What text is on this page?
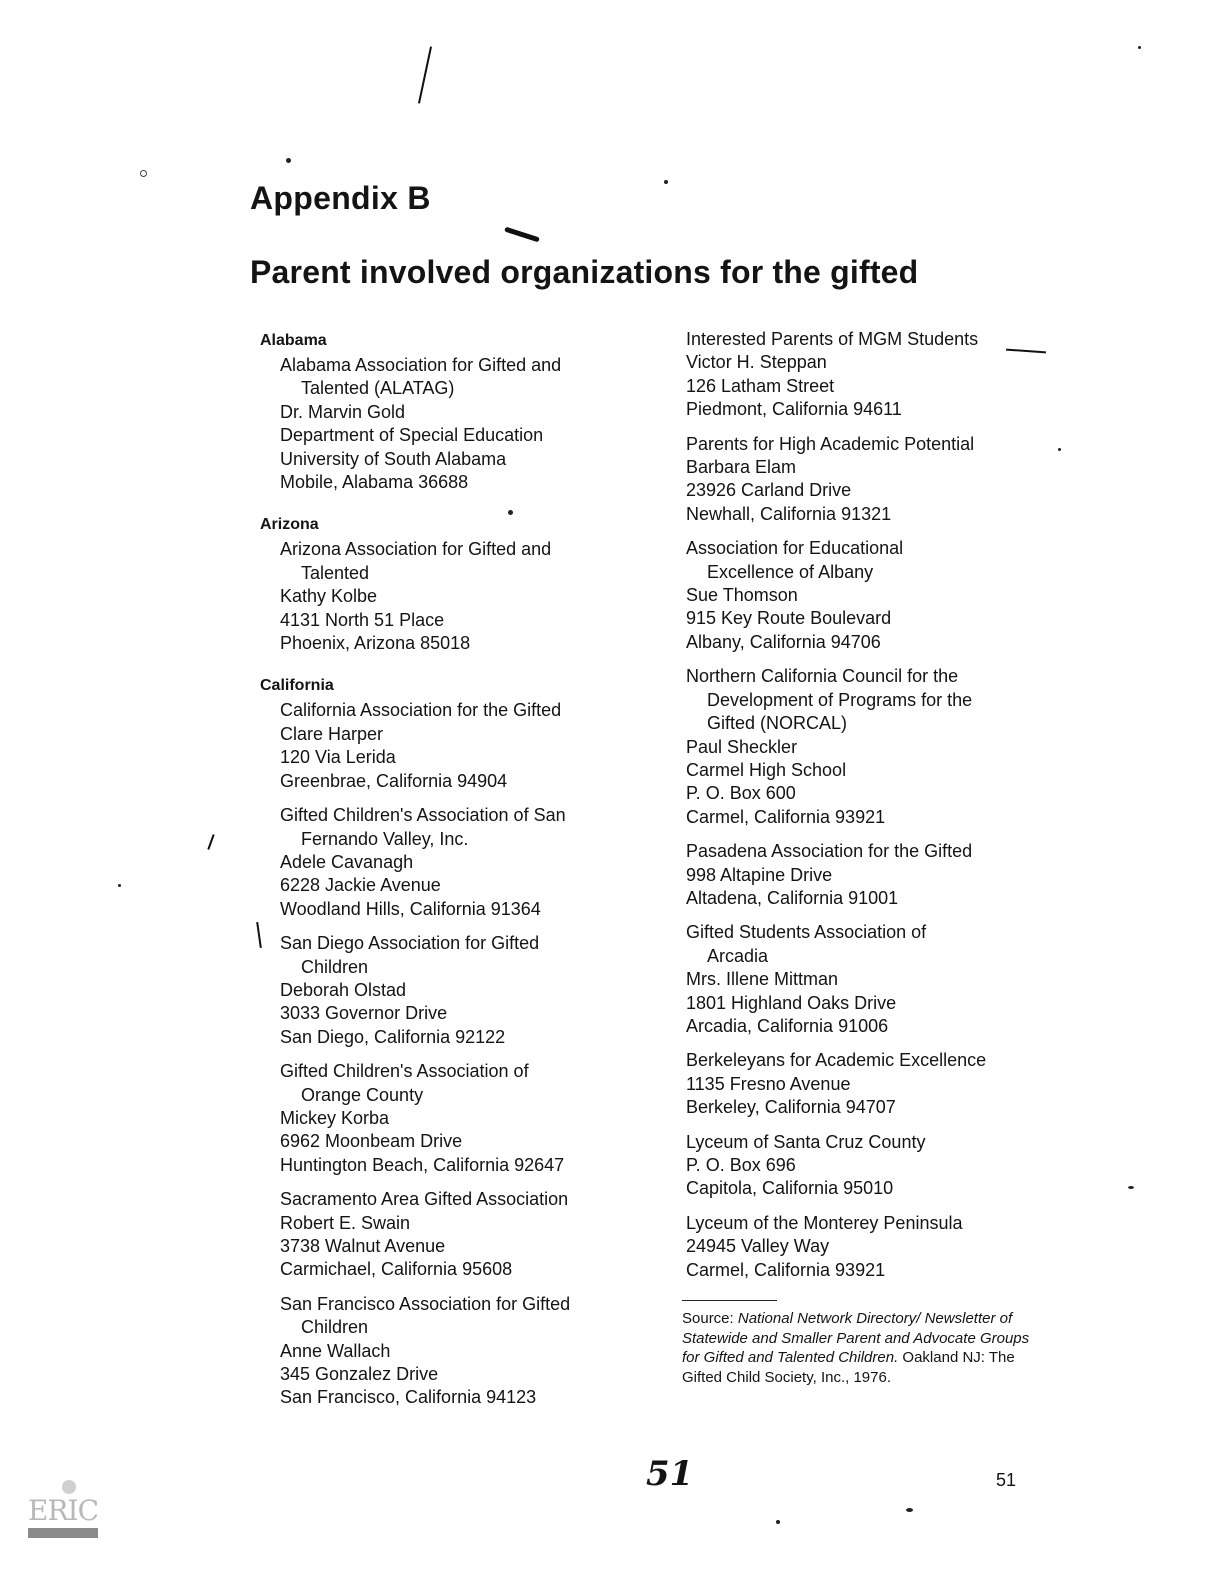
Appendix B
Parent involved organizations for the gifted
Alabama
Alabama Association for Gifted and
Talented (ALATAG)
Dr. Marvin Gold
Department of Special Education
University of South Alabama
Mobile, Alabama 36688
Arizona
Arizona Association for Gifted and
Talented
Kathy Kolbe
4131 North 51 Place
Phoenix, Arizona 85018
California
California Association for the Gifted
Clare Harper
120 Via Lerida
Greenbrae, California 94904
Gifted Children's Association of San
Fernando Valley, Inc.
Adele Cavanagh
6228 Jackie Avenue
Woodland Hills, California 91364
San Diego Association for Gifted
Children
Deborah Olstad
3033 Governor Drive
San Diego, California 92122
Gifted Children's Association of
Orange County
Mickey Korba
6962 Moonbeam Drive
Huntington Beach, California 92647
Sacramento Area Gifted Association
Robert E. Swain
3738 Walnut Avenue
Carmichael, California 95608
San Francisco Association for Gifted
Children
Anne Wallach
345 Gonzalez Drive
San Francisco, California 94123
Interested Parents of MGM Students
Victor H. Steppan
126 Latham Street
Piedmont, California 94611
Parents for High Academic Potential
Barbara Elam
23926 Carland Drive
Newhall, California 91321
Association for Educational
Excellence of Albany
Sue Thomson
915 Key Route Boulevard
Albany, California 94706
Northern California Council for the
Development of Programs for the
Gifted (NORCAL)
Paul Sheckler
Carmel High School
P. O. Box 600
Carmel, California 93921
Pasadena Association for the Gifted
998 Altapine Drive
Altadena, California 91001
Gifted Students Association of
Arcadia
Mrs. Illene Mittman
1801 Highland Oaks Drive
Arcadia, California 91006
Berkeleyans for Academic Excellence
1135 Fresno Avenue
Berkeley, California 94707
Lyceum of Santa Cruz County
P. O. Box 696
Capitola, California 95010
Lyceum of the Monterey Peninsula
24945 Valley Way
Carmel, California 93921
Source: National Network Directory/ Newsletter of Statewide and Smaller Parent and Advocate Groups for Gifted and Talented Children. Oakland NJ: The Gifted Child Society, Inc., 1976.
51	51
ERIC
